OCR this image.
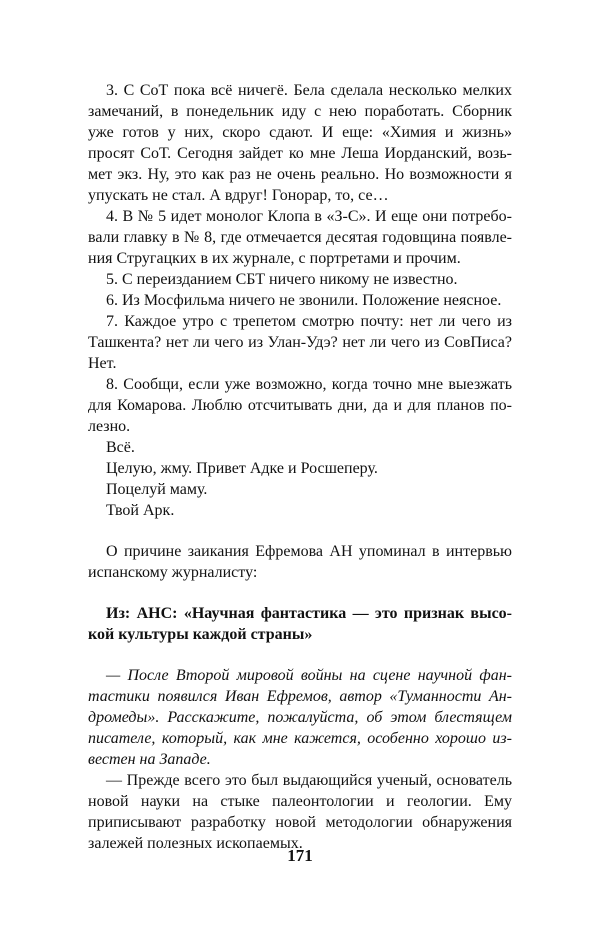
3. С СоТ пока всё ничегё. Бела сделала несколько мелких замечаний, в понедельник иду с нею поработать. Сборник уже готов у них, скоро сдают. И еще: «Химия и жизнь» просят СоТ. Сегодня зайдет ко мне Леша Иорданский, возьмет экз. Ну, это как раз не очень реально. Но возможности я упускать не стал. А вдруг! Гонорар, то, се…

4. В № 5 идет монолог Клопа в «З-С». И еще они потребовали главку в № 8, где отмечается десятая годовщина появления Стругацких в их журнале, с портретами и прочим.

5. С переизданием СБТ ничего никому не известно.

6. Из Мосфильма ничего не звонили. Положение неясное.

7. Каждое утро с трепетом смотрю почту: нет ли чего из Ташкента? нет ли чего из Улан-Удэ? нет ли чего из СовПиса? Нет.

8. Сообщи, если уже возможно, когда точно мне выезжать для Комарова. Люблю отсчитывать дни, да и для планов полезно.

Всё.

Целую, жму. Привет Адке и Росшеперу.

Поцелуй маму.

Твой Арк.

О причине заикания Ефремова АН упоминал в интервью испанскому журналисту:

Из: АНС: «Научная фантастика — это признак высокой культуры каждой страны»

— После Второй мировой войны на сцене научной фантастики появился Иван Ефремов, автор «Туманности Андромеды». Расскажите, пожалуйста, об этом блестящем писателе, который, как мне кажется, особенно хорошо известен на Западе.

— Прежде всего это был выдающийся ученый, основатель новой науки на стыке палеонтологии и геологии. Ему приписывают разработку новой методологии обнаружения залежей полезных ископаемых.

171
